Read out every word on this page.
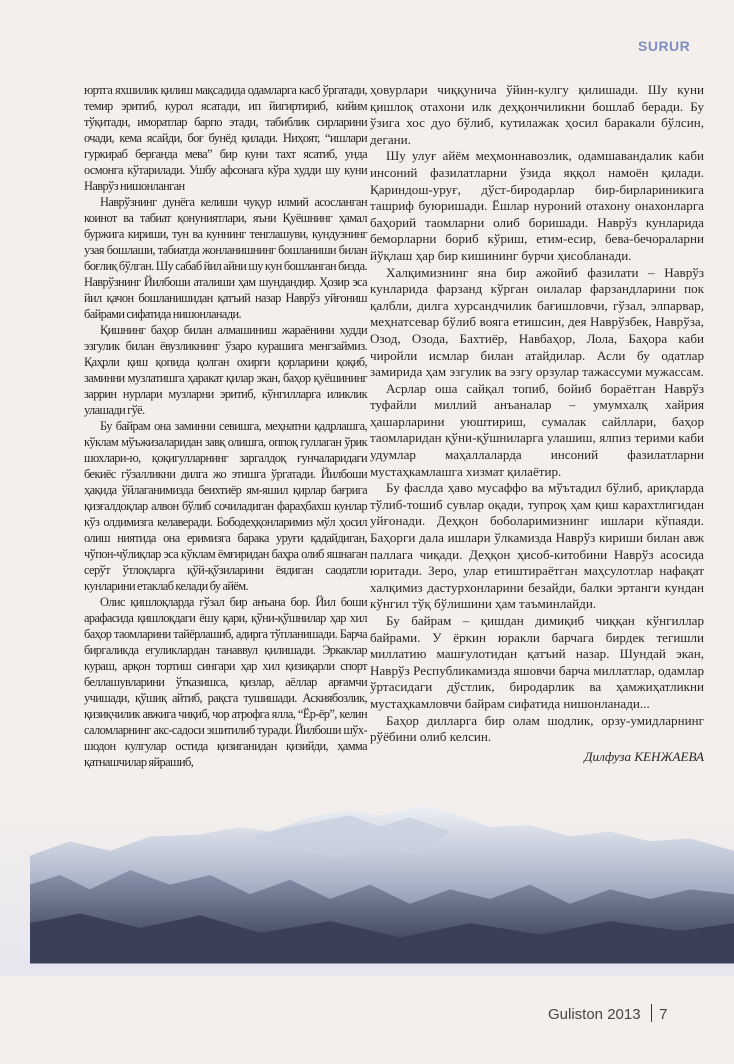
SURUR

юртга яхшилик қилиш мақсадида одамларга касб ўргатади, темир эритиб, курол ясатади, ип йигиртириб, кийим тўқитади, иморатлар барпо этади, табиблик сирларини очади, кема ясайди, боғ бунёд қилади. Ниҳоят, “ишлари гуркираб берганда мева” бир куни тахт ясатиб, унда осмонга кўтарилади. Ушбу афсонага кўра худди шу куни Наврўз нишонланган

Наврўзнинг дунёга келиши чуқур илмий асосланган коинот ва табиат қонуниятлари, яъни Қуёшнинг ҳамал буржига кириши, тун ва куннинг тенглашуви, кундузнинг узая бошлаши, табиатда жонланишнинг бошланиши билан боғлиқ бўлган. Шу сабаб йил айни шу кун бошланган бизда. Наврўзнинг Йилбоши аталиши ҳам шундандир. Ҳозир эса йил қачон бошланишидан қатъий назар Наврўз уйғониш байрами сифатида нишонланади.

Қишнинг баҳор билан алмашиниш жараёнини худди эзгулик билан ёвузликнинг ўзаро курашига менгзаймиз. Қаҳрли қиш қопида қолган охирги қорларини қоқиб, заминни музлатишга ҳаракат қилар экан, баҳор қуёшининг заррин нурлари музларни эритиб, кўнгилларга иликлик улашади гўё.

Бу байрам она заминни севишга, меҳнатни қадрлашга, кўклам мўъжизаларидан завқ олишга, оппоқ гуллаган ўрик шохлари-ю, қоқигулларнинг заргалдоқ ғунчаларидаги бекиёс гўзалликни дилга жо этишга ўргатади. Йилбоши ҳақида ўйлаганимизда беихтиёр ям-яшил қирлар бағрига қизғалдоқлар алвон бўлиб сочиладиган фараҳбахш кунлар кўз олдимизга келаверади. Бободеҳқонларимиз мўл ҳосил олиш ниятида она еримизга барака уруғи қадайдиган, чўпон-чўлиқлар эса кўклам ёмғиридан баҳра олиб яшнаган серўт ўтлоқларга қўй-қўзиларини ёядиган саодатли кунларини етаклаб келади бу айём.

Олис қишлоқларда гўзал бир анъана бор. Йил боши арафасида қишлоқдаги ёшу қари, қўни-қўшнилар ҳар хил баҳор таомларини тайёрлашиб, адирга тўпланишади. Барча биргаликда егуликлардан танаввул қилишади. Эркаклар кураш, арқон тортиш сингари ҳар хил қизиқарли спорт беллашувларини ўтказишса, қизлар, аёллар арғамчи учишади, қўшиқ айтиб, рақсга тушишади. Аскиябозлик, қизиқчилик авжига чиқиб, чор атрофга ялла, “Ёр-ёр”, келин саломларнинг акс-садоси эшитилиб туради. Йилбоши шўх-шодон кулгулар остида қизиганидан қизийди, ҳамма қатнашчилар яйрашиб,

ҳовурлари чиққунича ўйин-кулгу қилишади. Шу куни қишлоқ отахони илк деҳқончиликни бошлаб беради. Бу ўзига хос дуо бўлиб, кутилажак ҳосил баракали бўлсин, дегани.

Шу улуғ айём меҳмоннавозлик, одамшавандалик каби инсоний фазилатларни ўзида яққол намоён қилади. Қариндош-уруғ, дўст-биродарлар бир-бирлариникига ташриф буюришади. Ёшлар нуроний отахону онахонларга баҳорий таомларни олиб боришади. Наврўз кунларида беморларни бориб кўриш, етим-есир, бева-бечораларни йўқлаш ҳар бир кишининг бурчи ҳисобланади.

Халқимизнинг яна бир ажойиб фазилати – Наврўз кунларида фарзанд кўрган оилалар фарзандларини пок қалбли, дилга хурсандчилик бағишловчи, гўзал, элпарвар, меҳнатсевар бўлиб вояга етишсин, дея Наврўзбек, Наврўза, Озод, Озода, Бахтиёр, Навбаҳор, Лола, Баҳора каби чиройли исмлар билан атайдилар. Асли бу одатлар замирида ҳам эзгулик ва эзгу орзулар тажассуми мужассам.

Асрлар оша сайқал топиб, бойиб бораётган Наврўз туфайли миллий анъаналар – умумхалқ хайрия ҳашарларини уюштириш, сумалак сайллари, баҳор таомларидан қўни-қўшниларга улашиш, ялпиз терими каби удумлар маҳаллаларда инсоний фазилатларни мустаҳкамлашга хизмат қилаётир.

Бу фаслда ҳаво мусаффо ва мўътадил бўлиб, ариқларда тўлиб-тошиб сувлар оқади, тупроқ ҳам қиш карахтлигидан уйғонади. Деҳқон боболаримизнинг ишлари кўпаяди. Баҳорги дала ишлари ўлкамизда Наврўз кириши билан авж паллага чиқади. Деҳқон ҳисоб-китобини Наврўз асосида юритади. Зеро, улар етиштираётган маҳсулотлар нафақат халқимиз дастурхонларини безайди, балки эртанги кундан кўнгил тўқ бўлишини ҳам таъминлайди.

Бу байрам – қишдан димиқиб чиққан кўнгиллар байрами. У ёркин юракли барчага бирдек тегишли миллатию машғулотидан қатъий назар. Шундай экан, Наврўз Республикамизда яшовчи барча миллатлар, одамлар ўртасидаги дўстлик, биродарлик ва ҳамжиҳатликни мустаҳкамловчи байрам сифатида нишонланади...

Баҳор дилларга бир олам шодлик, орзу-умидларнинг рўёбини олиб келсин.

Дилфуза КЕНЖАЕВА

Guliston 2013 7
